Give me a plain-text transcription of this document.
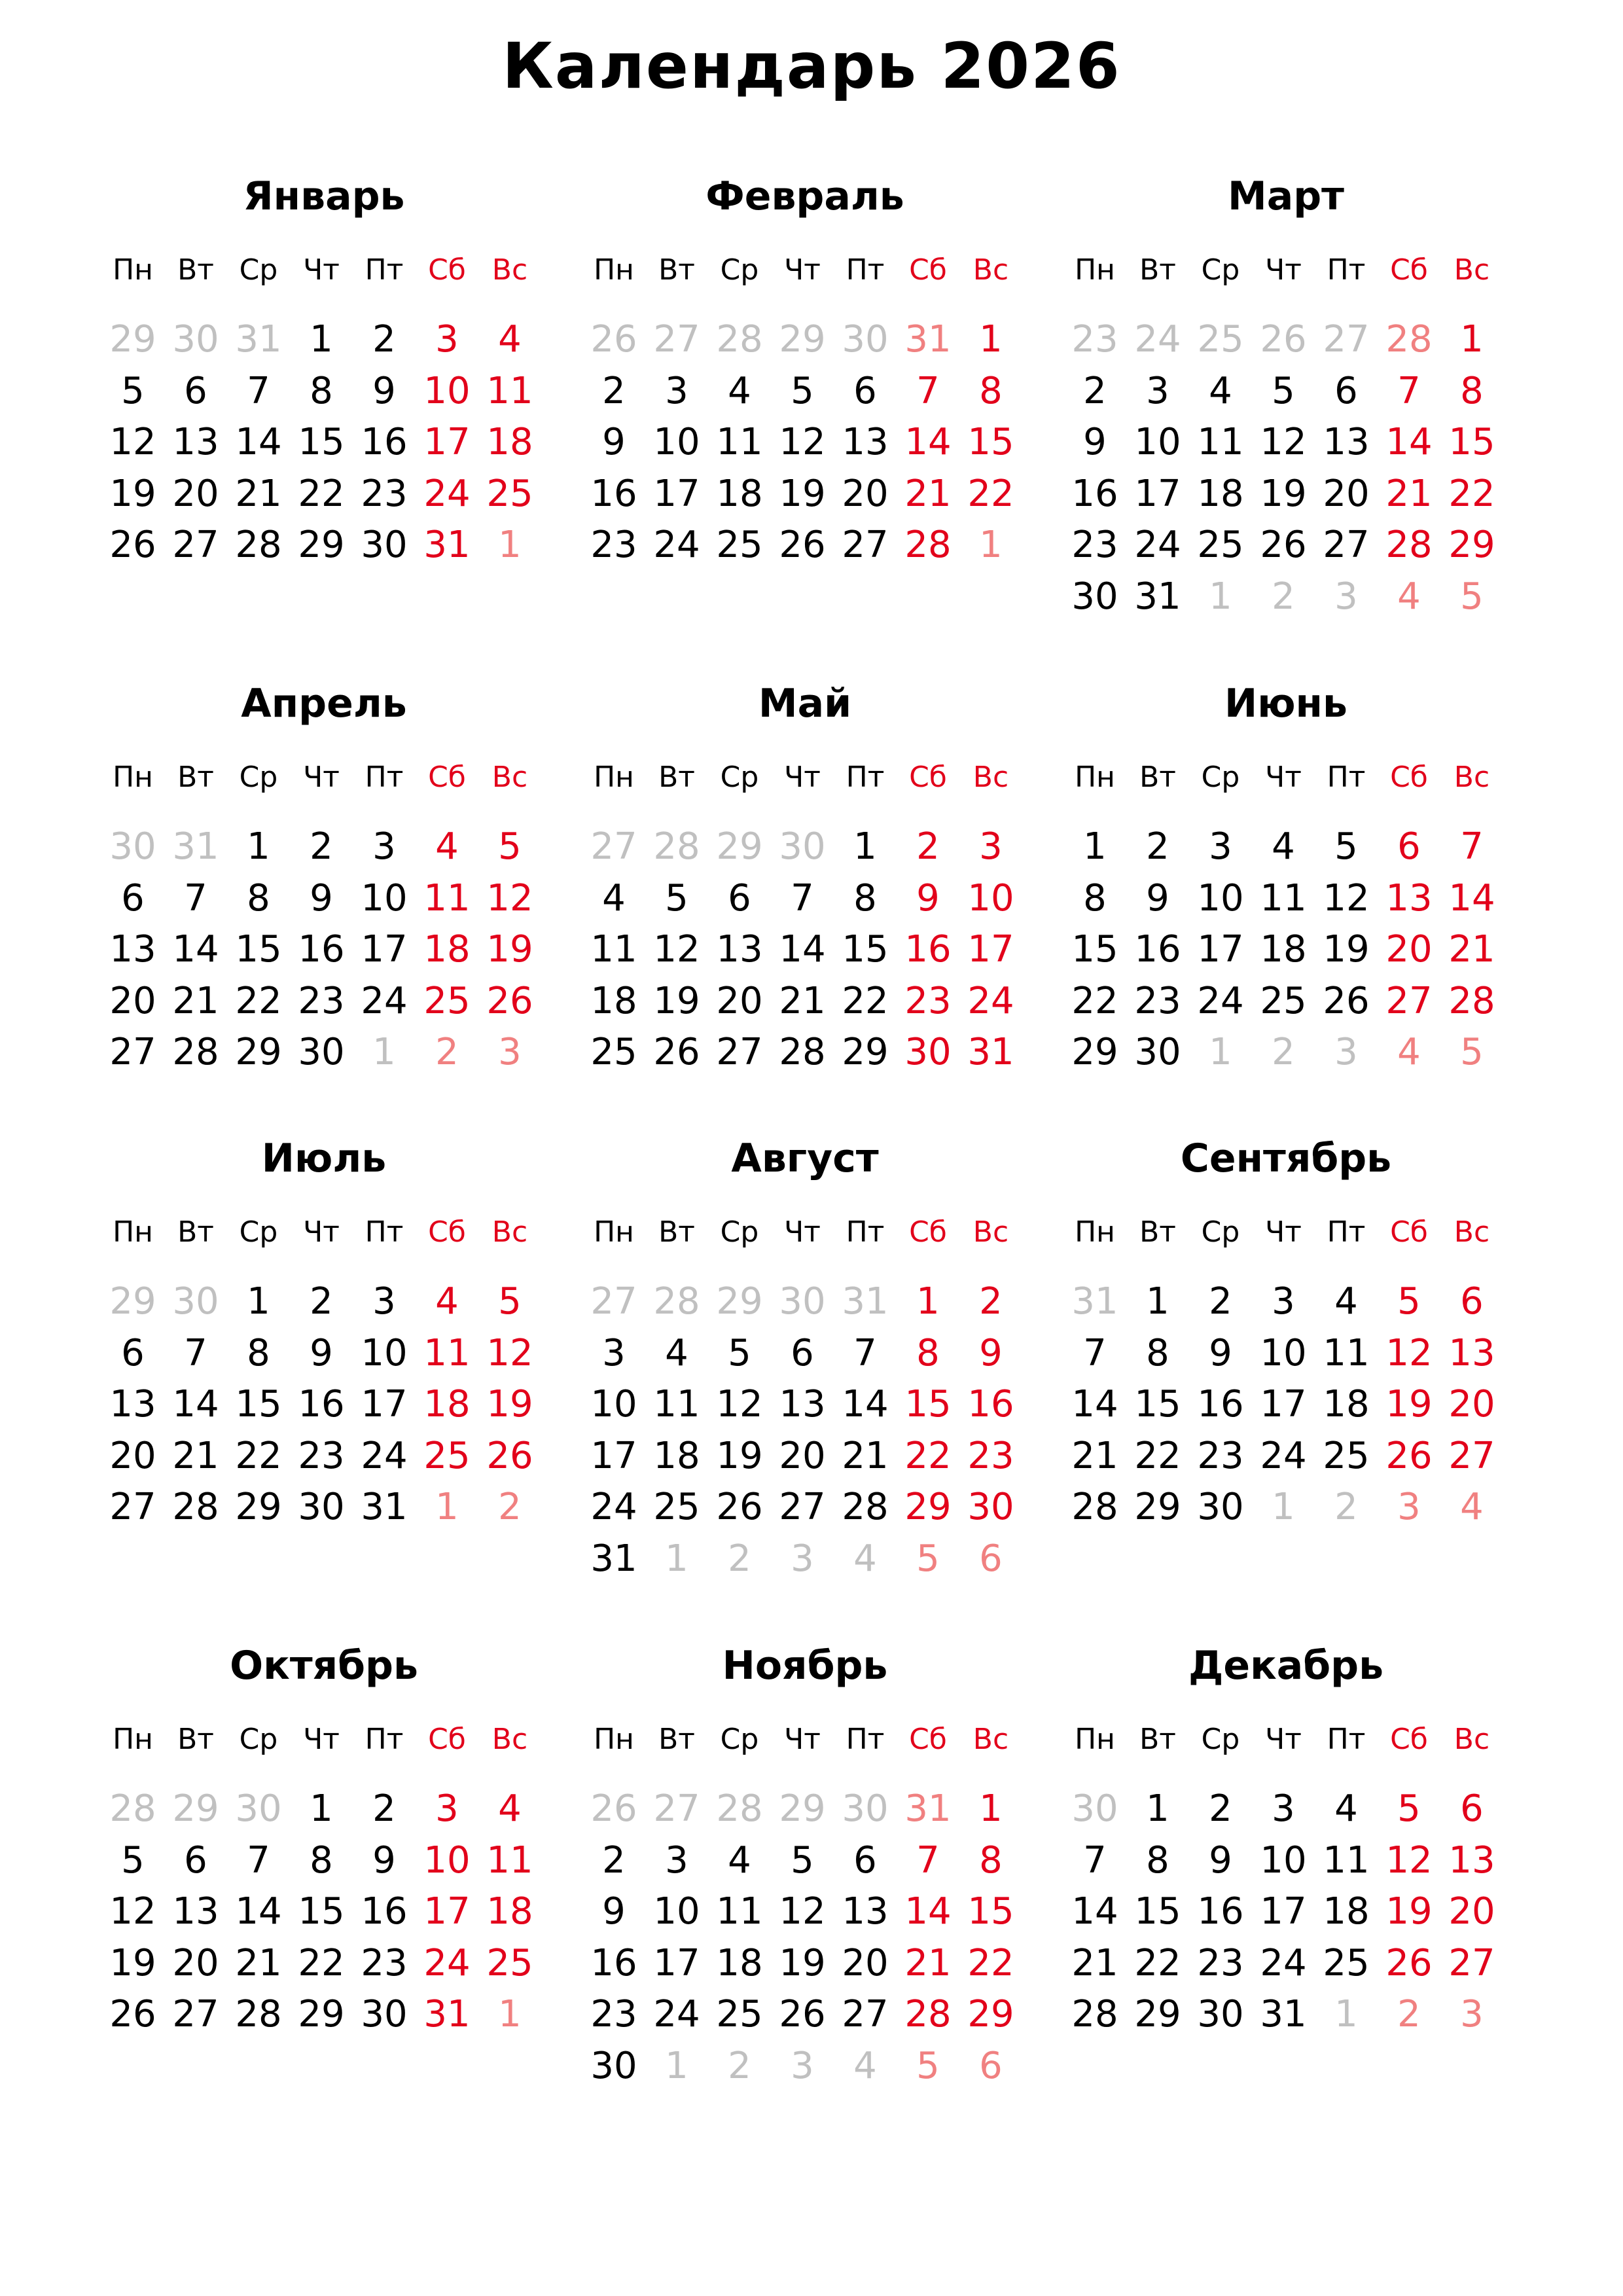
Календарь 2026
Январь
Пн Вт Ср Чт Пт Сб Вс
29 30 31 1	2	3	4
5	6	7	8	9 10 11
12 13 14 15 16 17 18
19 20 21 22 23 24 25
26 27 28 29 30 31 1
Февраль
Пн Вт Ср Чт Пт Сб Вс
26 27 28 29 30 31 1
2	3	4	5	6	7	8
9 10 11 12 13 14 15
16 17 18 19 20 21 22
23 24 25 26 27 28 1
Март
Пн Вт Ср Чт Пт Сб Вс
23 24 25 26 27 28 1
2	3	4	5	6	7	8
9 10 11 12 13 14 15
16 17 18 19 20 21 22
23 24 25 26 27 28 29
30 31 1	2	3	4	5
Апрель
Пн Вт Ср Чт Пт Сб Вс
30 31 1	2	3	4	5
6	7	8	9 10 11 12
13 14 15 16 17 18 19
20 21 22 23 24 25 26
27 28 29 30 1	2	3
Май
Пн Вт Ср Чт Пт Сб Вс
27 28 29 30 1	2	3
4	5	6	7	8	9 10
11 12 13 14 15 16 17
18 19 20 21 22 23 24
25 26 27 28 29 30 31
Июнь
Пн Вт Ср Чт Пт Сб Вс
1	2	3	4	5	6	7
8	9 10 11 12 13 14
15 16 17 18 19 20 21
22 23 24 25 26 27 28
29 30 1	2	3	4	5
Июль
Пн Вт Ср Чт Пт Сб Вс
29 30 1	2	3	4	5
6	7	8	9 10 11 12
13 14 15 16 17 18 19
20 21 22 23 24 25 26
27 28 29 30 31 1	2
Август
Пн Вт Ср Чт Пт Сб Вс
27 28 29 30 31 1	2
3	4	5	6	7	8	9
10 11 12 13 14 15 16
17 18 19 20 21 22 23
24 25 26 27 28 29 30
31 1	2	3	4	5	6
Сентябрь
Пн Вт Ср Чт Пт Сб Вс
31 1	2	3	4	5	6
7	8	9 10 11 12 13
14 15 16 17 18 19 20
21 22 23 24 25 26 27
28 29 30 1	2	3	4
Октябрь
Пн Вт Ср Чт Пт Сб Вс
28 29 30 1	2	3	4
5	6	7	8	9 10 11
12 13 14 15 16 17 18
19 20 21 22 23 24 25
26 27 28 29 30 31 1
Ноябрь
Пн Вт Ср Чт Пт Сб Вс
26 27 28 29 30 31 1
2	3	4	5	6	7	8
9 10 11 12 13 14 15
16 17 18 19 20 21 22
23 24 25 26 27 28 29
30 1	2	3	4	5	6
Декабрь
Пн Вт Ср Чт Пт Сб Вс
30 1	2	3	4	5	6
7	8	9 10 11 12 13
14 15 16 17 18 19 20
21 22 23 24 25 26 27
28 29 30 31 1	2	3
